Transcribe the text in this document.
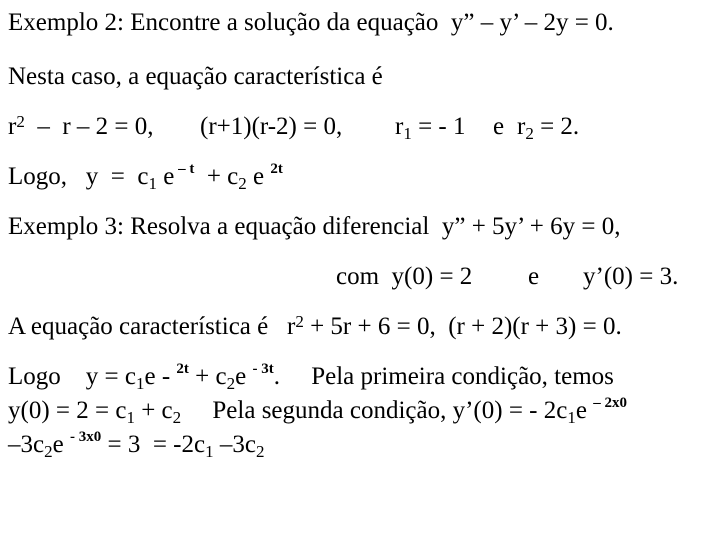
Exemplo 2: Encontre a solução da equação  y” – y’ – 2y = 0.
Nesta caso, a equação característica é
$r^2 - r - 2 = 0$, (r+1)(r-2) = 0, $r_1$ = - 1 e $r_2 = 2$.
Logo,   $y = c_1$ e $^{- t} + c_2$ e $^{2t}$
Exemplo 3: Resolva a equação diferencial  y” + 5y’ + 6y = 0,
com  y(0) = 2 e y’(0) = 3.
A equação característica é   $r^2 + 5r + 6 = 0$,  (r + 2)(r + 3) = 0.
Logo    $y = c_1e - ^{2t} + c_2e$ $^{- 3t}$.     Pela primeira condição, temos
$y(0) = 2 = c_1 + c_2$     Pela segunda condição, y’(0) = - $2c_1e$ $^{- 2x0}$
$-3c_2e$ $^{- 3x0} = 3 = -2c_1$ $-3c_2$
